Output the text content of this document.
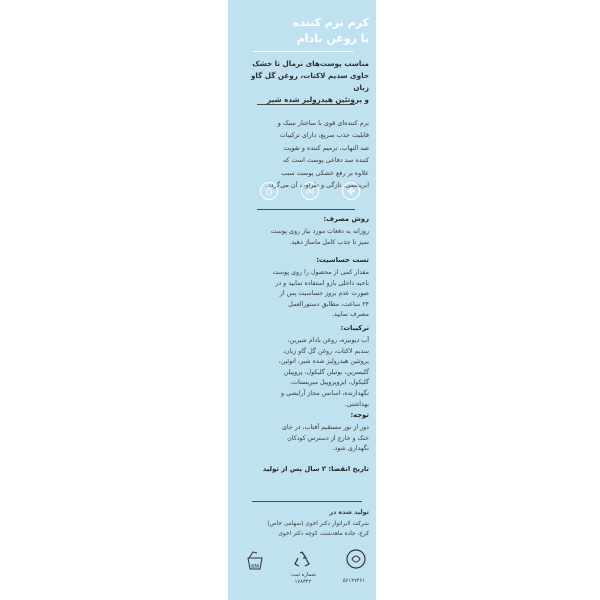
کرم نرم کننده
با روغن بادام
مناسب پوست‌های نرمال تا خشک
حاوی سدیم لاکتات، روغن گل گاو زبان
و پروتئین هیدرولیز شده شیر
نرم کننده‌ای قوی با ساختار سبک و
قابلیت جذب سریع، دارای ترکیبات
ضد التهاب، ترمیم کننده و تقویت
کننده سد دفاعی پوست است که
علاوه بر رفع خشکی پوست سبب
ابریشمی، تازگی و طراوت آن می‌گردد.
روش مصرف:
روزانه به دفعات مورد نیاز روی پوست
تمیز تا جذب کامل ماساژ دهید.
تست حساسیت:
مقدار کمی از محصول را روی پوست
ناحیه داخلی بازو استفاده نمایید و در
صورت عدم بروز حساسیت پس از
۲۴ ساعت، مطابق دستورالعمل
مصرف نمایید.
ترکیبات:
آب دیونیزه، روغن بادام شیرین،
سدیم لاکتات، روغن گل گاو زبان،
پروتئین هیدرولیز شده شیر، اتوئین،
گلیسرین، بوتیلن گلیکول، پروپیلن
گلیکول، ایزوپروپیل میریستات،
نگهدارنده، اسانس مجاز آرایشی و
بهداشتی.
توجه:
دور از نور مستقیم آفتاب، در جای
خنک و خارج از دسترس کودکان
نگهداری شود.
تاریخ انقضا: ۳ سال پس از تولید
تولید شده در
شرکت لابراتوار دکتر اخوی (سهامی خاص)
کرج، جاده ماهدشت، کوچه دکتر اخوی
6M
شماره ثبت:
۱۷۸۳۴۲	۵۶۱۲۷۴۶۱
